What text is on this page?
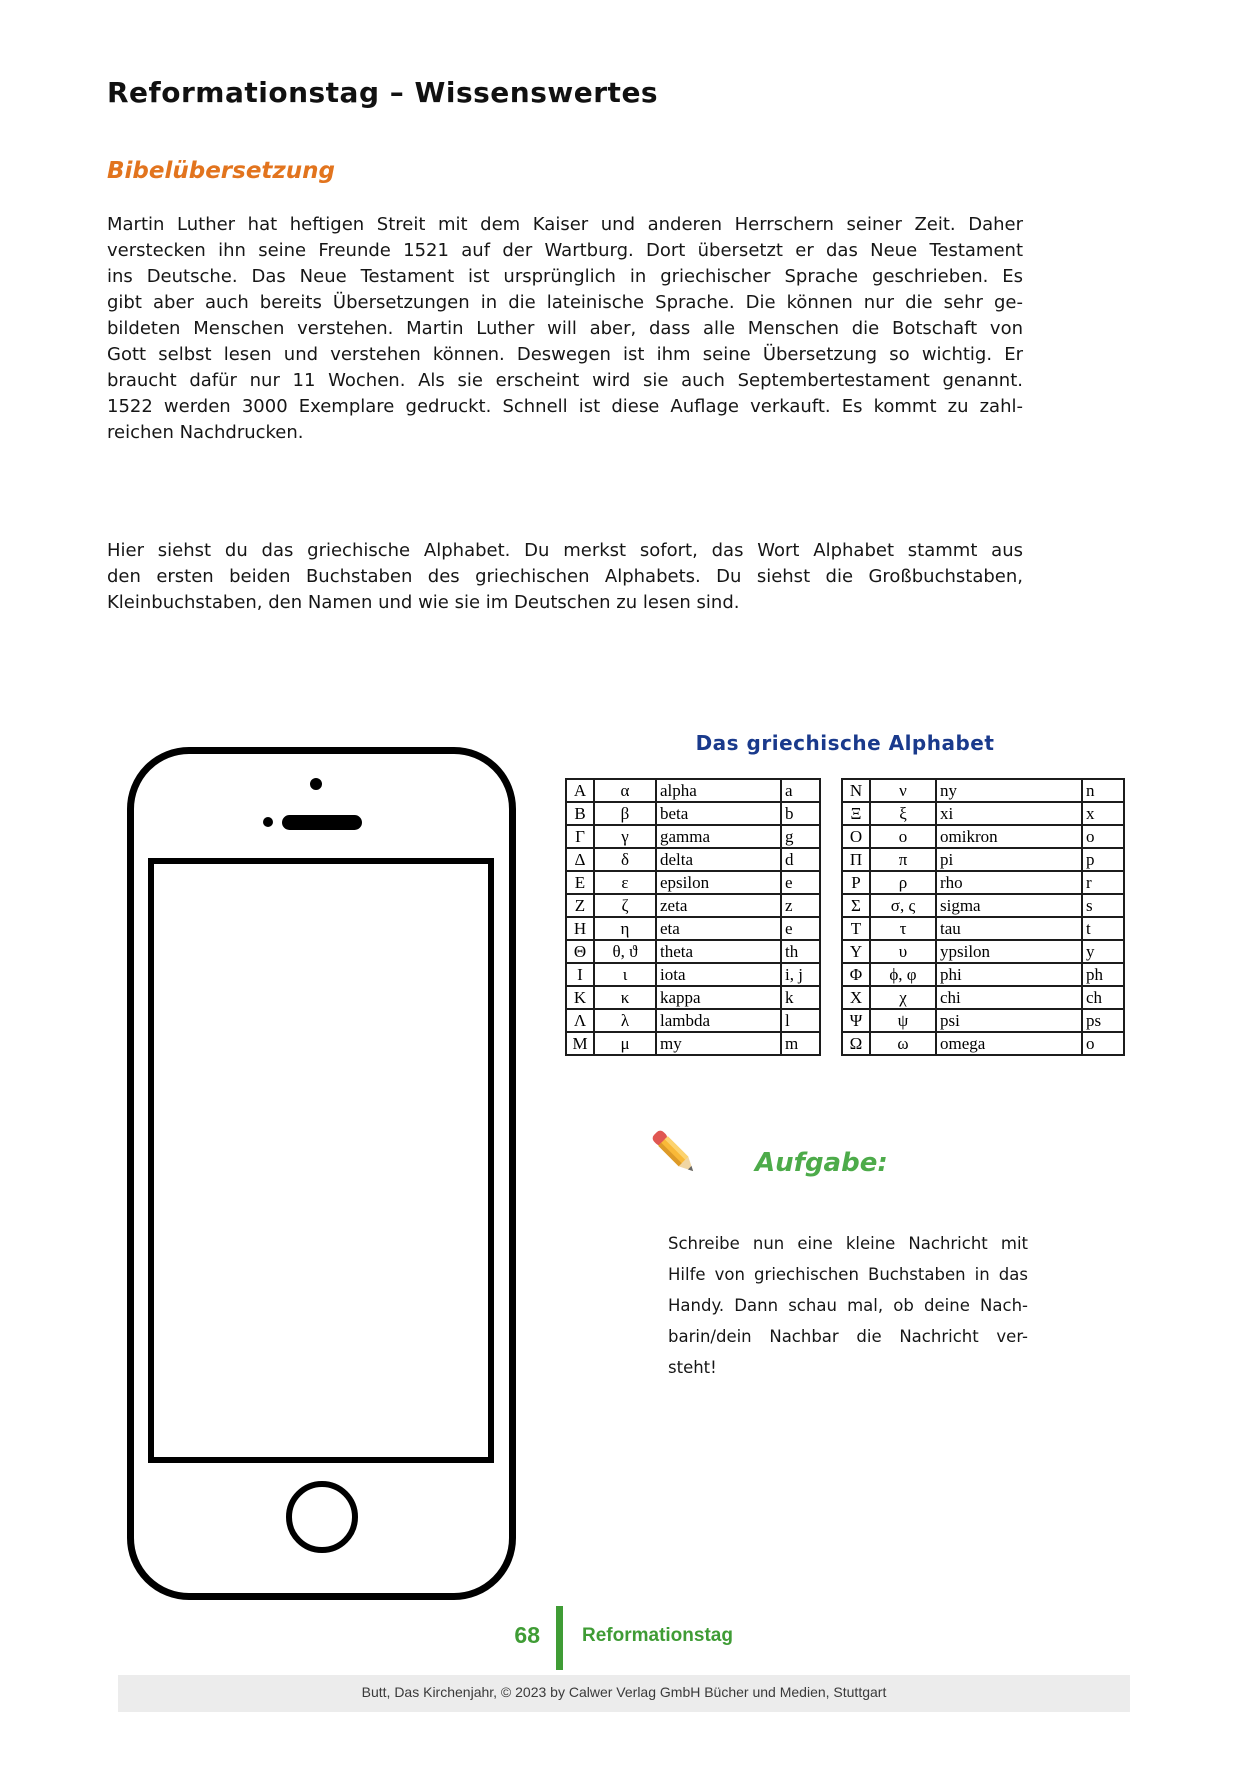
Reformationstag – Wissenswertes
Bibelübersetzung
Martin Luther hat heftigen Streit mit dem Kaiser und anderen Herrschern seiner Zeit. Daher
verstecken ihn seine Freunde 1521 auf der Wartburg. Dort übersetzt er das Neue Testament
ins Deutsche. Das Neue Testament ist ursprünglich in griechischer Sprache geschrieben. Es
gibt aber auch bereits Übersetzungen in die lateinische Sprache. Die können nur die sehr ge-
bildeten Menschen verstehen. Martin Luther will aber, dass alle Menschen die Botschaft von
Gott selbst lesen und verstehen können. Deswegen ist ihm seine Übersetzung so wichtig. Er
braucht dafür nur 11 Wochen. Als sie erscheint wird sie auch Septembertestament genannt.
1522 werden 3000 Exemplare gedruckt. Schnell ist diese Auflage verkauft. Es kommt zu zahl-
reichen Nachdrucken.
Hier siehst du das griechische Alphabet. Du merkst sofort, das Wort Alphabet stammt aus
den ersten beiden Buchstaben des griechischen Alphabets. Du siehst die Großbuchstaben,
Kleinbuchstaben, den Namen und wie sie im Deutschen zu lesen sind.
Das griechische Alphabet
Α	α	alpha	a
Β	β	beta	b
Γ	γ	gamma	g
Δ	δ	delta	d
Ε	ε	epsilon	e
Ζ	ζ	zeta	z
Η	η	eta	e
Θ	θ, ϑ	theta	th
Ι	ι	iota	i, j
Κ	κ	kappa	k
Λ	λ	lambda	l
Μ	μ	my	m
Ν	ν	ny	n
Ξ	ξ	xi	x
Ο	ο	omikron	o
Π	π	pi	p
Ρ	ρ	rho	r
Σ	σ, ς	sigma	s
Τ	τ	tau	t
Υ	υ	ypsilon	y
Φ	ϕ, φ	phi	ph
Χ	χ	chi	ch
Ψ	ψ	psi	ps
Ω	ω	omega	o
Aufgabe:
Schreibe nun eine kleine Nachricht mit
Hilfe von griechischen Buchstaben in das
Handy. Dann schau mal, ob deine Nach-
barin/dein Nachbar die Nachricht ver-
steht!
68 Reformationstag
Butt, Das Kirchenjahr, © 2023 by Calwer Verlag GmbH Bücher und Medien, Stuttgart
